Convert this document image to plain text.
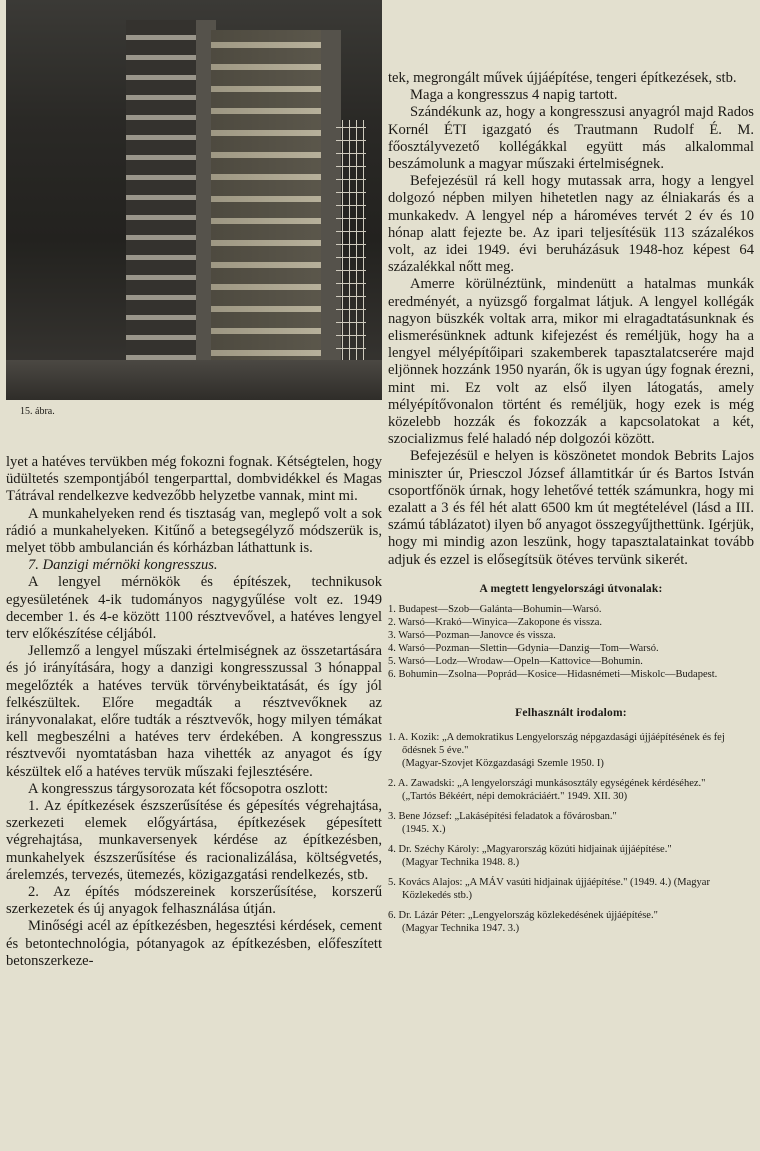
15. ábra.

lyet a hatéves tervükben még fokozni fognak. Kétségtelen, hogy üdültetés szempontjából tengerparttal, dombvidékkel és Magas Tátrával rendelkezve kedvezőbb helyzetbe vannak, mint mi.

A munkahelyeken rend és tisztaság van, meglepő volt a sok rádió a munkahelyeken. Kitűnő a betegsegélyző módszerük is, melyet több ambulancián és kórházban láthattunk is.

7. Danzigi mérnöki kongresszus.

A lengyel mérnökök és építészek, technikusok egyesületének 4-ik tudományos nagygyűlése volt ez. 1949 december 1. és 4-e között 1100 résztvevővel, a hatéves lengyel terv előkészítése céljából.

Jellemző a lengyel műszaki értelmiségnek az összetartására és jó irányítására, hogy a danzigi kongresszussal 3 hónappal megelőzték a hatéves tervük törvénybeiktatását, és így jól felkészültek. Előre megadták a résztvevőknek az irányvonalakat, előre tudták a résztvevők, hogy milyen témákat kell megbeszélni a hatéves terv érdekében. A kongresszus résztvevői nyomtatásban haza vihették az anyagot és így készültek elő a hatéves tervük műszaki fejlesztésére.

A kongresszus tárgysorozata két főcsopotra oszlott:

1. Az építkezések észszerűsítése és gépesítés végrehajtása, szerkezeti elemek előgyártása, építkezések gépesített végrehajtása, munkaversenyek kérdése az építkezésben, munkahelyek észszerűsítése és racionalizálása, költségvetés, árelemzés, tervezés, ütemezés, közigazgatási rendelkezés, stb.

2. Az építés módszereinek korszerűsítése, korszerű szerkezetek és új anyagok felhasználása útján.

Minőségi acél az építkezésben, hegesztési kérdések, cement és betontechnológia, pótanyagok az építkezésben, előfeszített betonszerkeze-

tek, megrongált művek újjáépítése, tengeri építkezések, stb.

Maga a kongresszus 4 napig tartott.

Szándékunk az, hogy a kongresszusi anyagról majd Rados Kornél ÉTI igazgató és Trautmann Rudolf É. M. főosztályvezető kollégákkal együtt más alkalommal beszámolunk a magyar műszaki értelmiségnek.

Befejezésül rá kell hogy mutassak arra, hogy a lengyel dolgozó népben milyen hihetetlen nagy az élniakarás és a munkakedv. A lengyel nép a hároméves tervét 2 év és 10 hónap alatt fejezte be. Az ipari teljesítésük 113 százalékos volt, az idei 1949. évi beruházásuk 1948-hoz képest 64 százalékkal nőtt meg.

Amerre körülnéztünk, mindenütt a hatalmas munkák eredményét, a nyüzsgő forgalmat látjuk. A lengyel kollégák nagyon büszkék voltak arra, mikor mi elragadtatásunknak és elismerésünknek adtunk kifejezést és reméljük, hogy ha a lengyel mélyépítőipari szakemberek tapasztalatcserére majd eljönnek hozzánk 1950 nyarán, ők is ugyan úgy fognak érezni, mint mi. Ez volt az első ilyen látogatás, amely mélyépítővonalon történt és reméljük, hogy ezek is még közelebb hozzák és fokozzák a kapcsolatokat a két, szocializmus felé haladó nép dolgozói között.

Befejezésül e helyen is köszönetet mondok Bebrits Lajos miniszter úr, Priesczol József államtitkár úr és Bartos István csoportfőnök úrnak, hogy lehetővé tették számunkra, hogy mi ezalatt a 3 és fél hét alatt 6500 km út megtételével (lásd a III. számú táblázatot) ilyen bő anyagot összegyűjthettünk. Igérjük, hogy mi mindig azon leszünk, hogy tapasztalatainkat tovább adjuk és ezzel is elősegítsük ötéves tervünk sikerét.

A megtett lengyelországi útvonalak:
1. Budapest—Szob—Galánta—Bohumin—Warsó.
2. Warsó—Krakó—Winyica—Zakopone és vissza.
3. Warsó—Pozman—Janovce és vissza.
4. Warsó—Pozman—Slettin—Gdynia—Danzig—Tom—Warsó.
5. Warsó—Lodz—Wrodaw—Opeln—Kattovice—Bohumin.
6. Bohumin—Zsolna—Poprád—Kosice—Hidasnémeti—Miskolc—Budapest.
Felhasznált irodalom:
1. A. Kozik: „A demokratikus Lengyelország népgazdasági újjáépítésének és fej ődésnek 5 éve."
(Magyar-Szovjet Közgazdasági Szemle 1950. I)
2. A. Zawadski: „A lengyelországi munkásosztály egységének kérdéséhez."
(„Tartós Békéért, népi demokráciáért." 1949. XII. 30)
3. Bene József: „Lakásépítési feladatok a fővárosban."
(1945. X.)
4. Dr. Széchy Károly: „Magyarország közúti hidjainak újjáépítése."
(Magyar Technika 1948. 8.)
5. Kovács Alajos: „A MÁV vasúti hidjainak újjáépítése." (1949. 4.) (Magyar Közlekedés stb.)
6. Dr. Lázár Péter: „Lengyelország közlekedésének újjáépítése."
(Magyar Technika 1947. 3.)
